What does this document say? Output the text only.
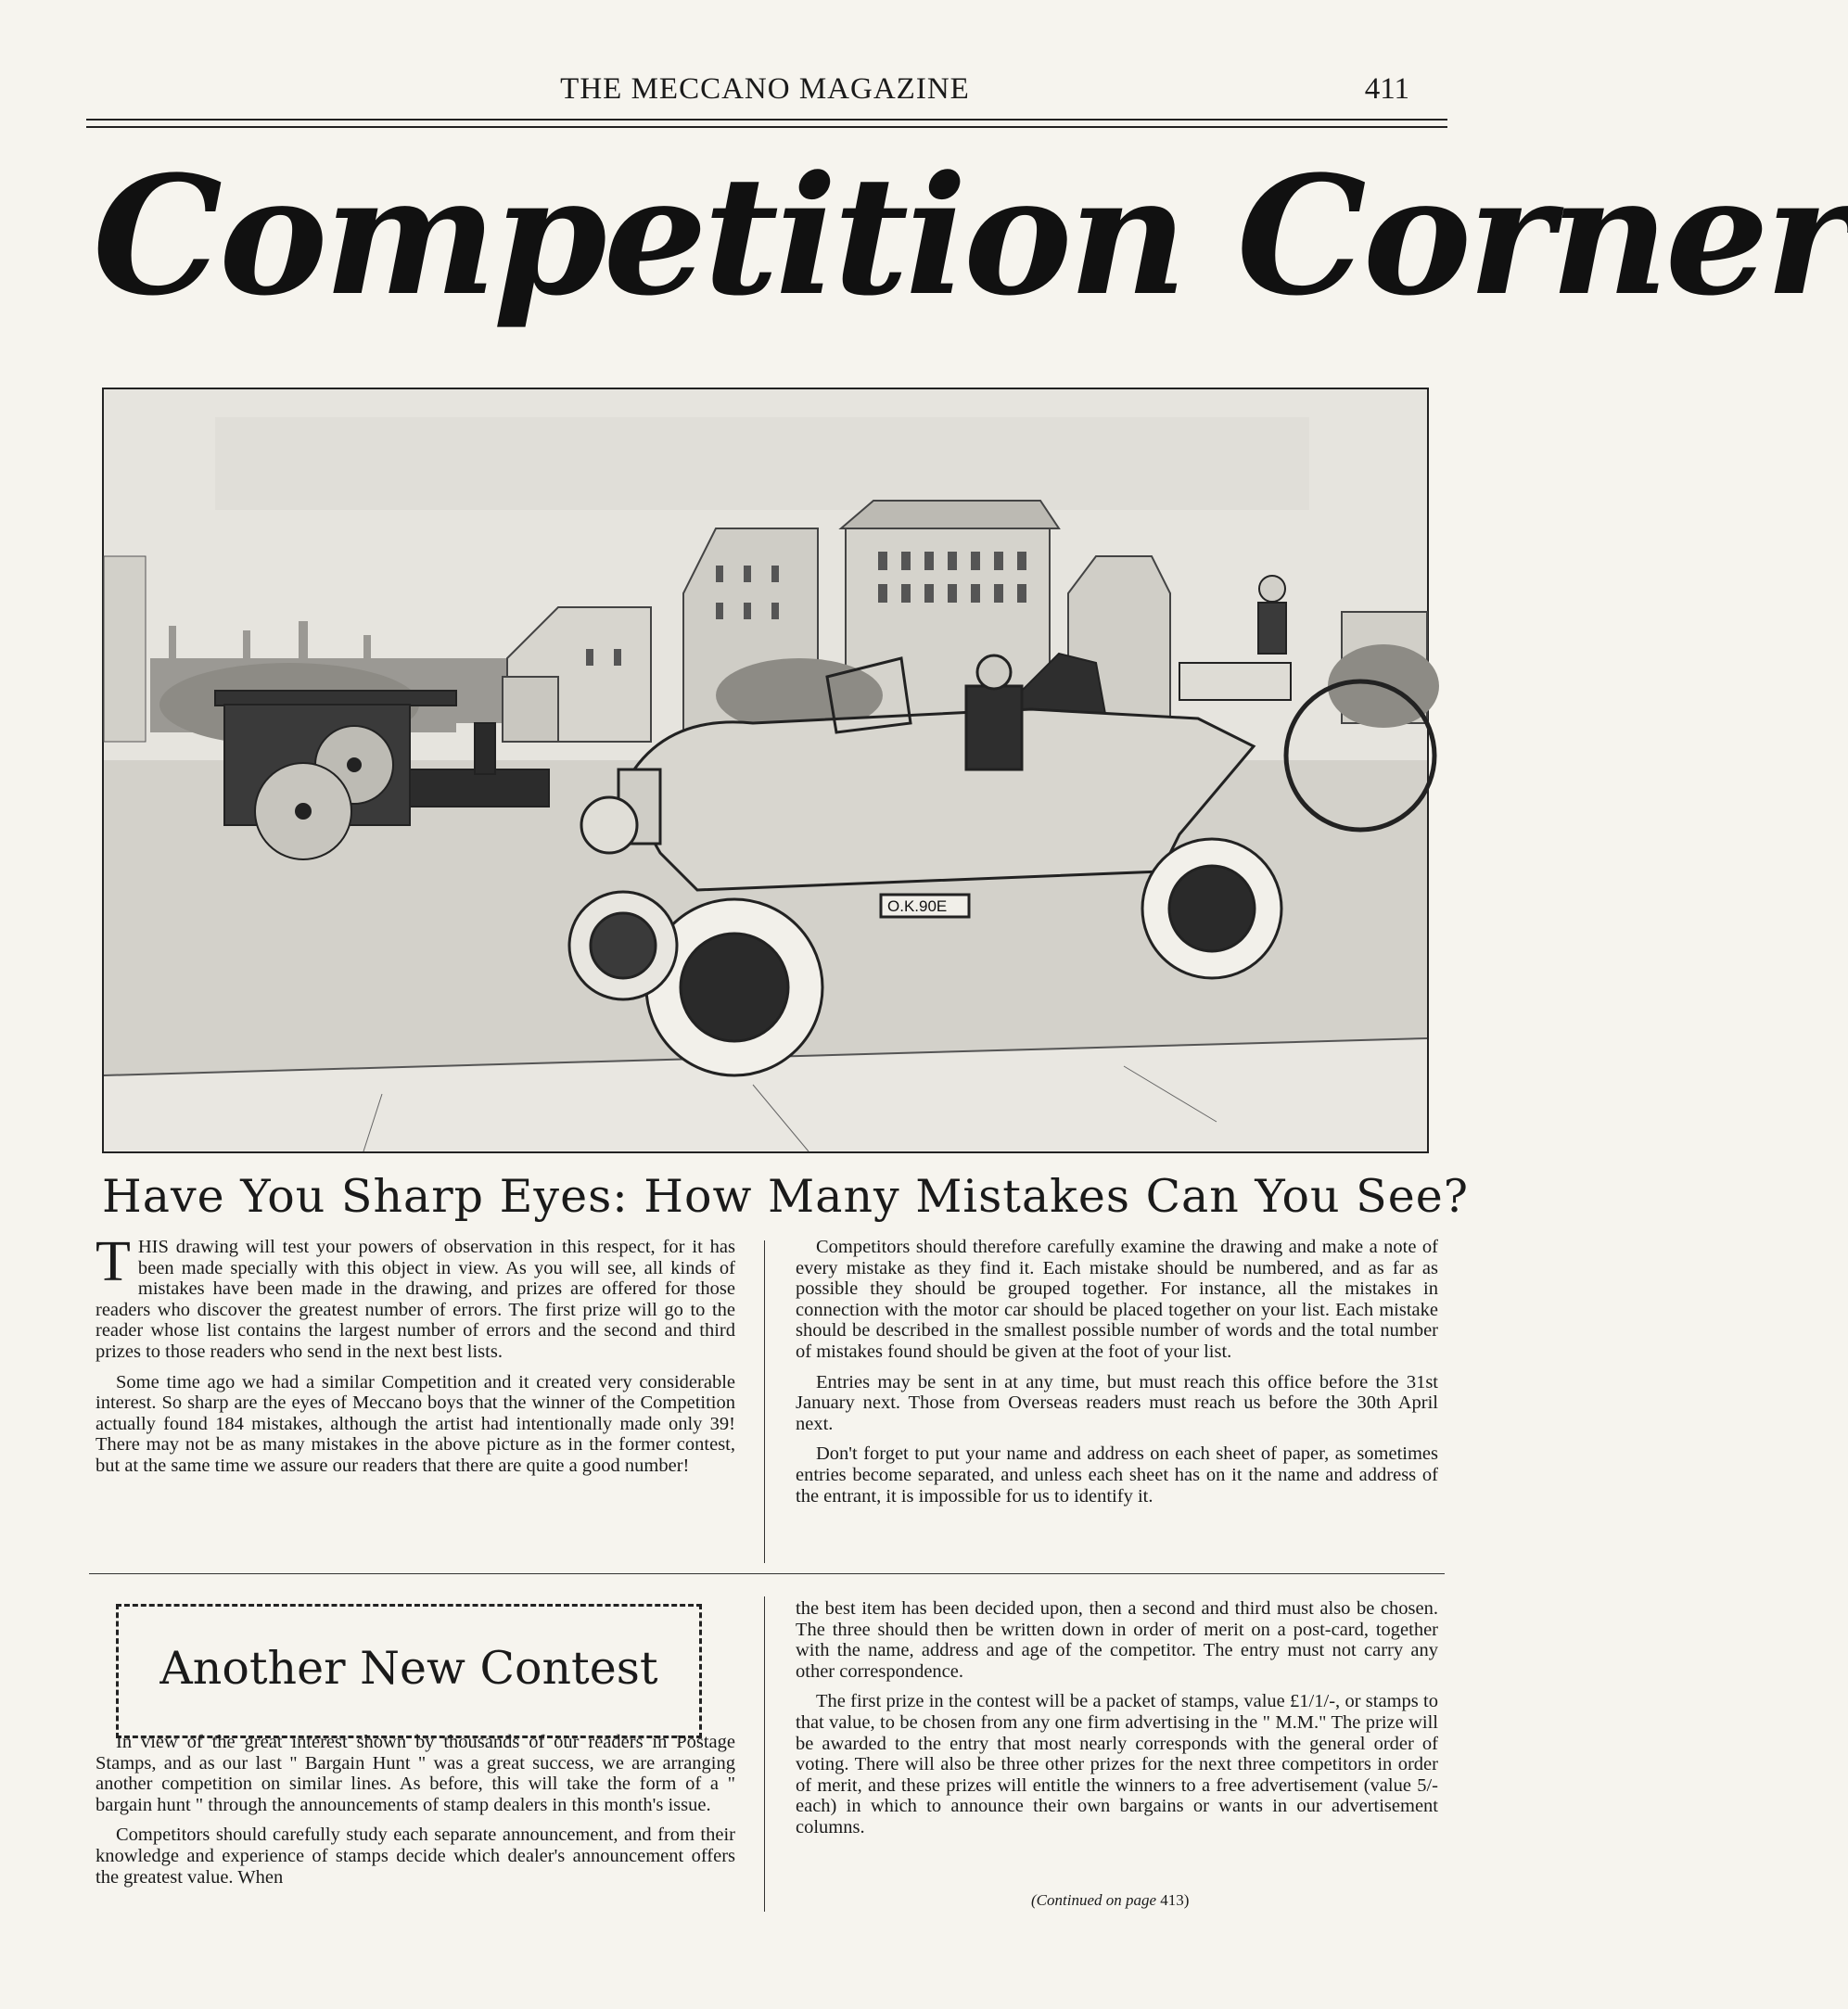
THE MECCANO MAGAZINE	411
Competition Corner
O.K.90E
Have You Sharp Eyes: How Many Mistakes Can You See?

THIS drawing will test your powers of observation in this respect, for it has been made specially with this object in view. As you will see, all kinds of mistakes have been made in the drawing, and prizes are offered for those readers who discover the greatest number of errors. The first prize will go to the reader whose list contains the largest number of errors and the second and third prizes to those readers who send in the next best lists.

Some time ago we had a similar Competition and it created very considerable interest. So sharp are the eyes of Meccano boys that the winner of the Competition actually found 184 mistakes, although the artist had intentionally made only 39! There may not be as many mistakes in the above picture as in the former contest, but at the same time we assure our readers that there are quite a good number!

Competitors should therefore carefully examine the drawing and make a note of every mistake as they find it. Each mistake should be numbered, and as far as possible they should be grouped together. For instance, all the mistakes in connection with the motor car should be placed together on your list. Each mistake should be described in the smallest possible number of words and the total number of mistakes found should be given at the foot of your list.

Entries may be sent in at any time, but must reach this office before the 31st January next. Those from Overseas readers must reach us before the 30th April next.

Don't forget to put your name and address on each sheet of paper, as sometimes entries become separated, and unless each sheet has on it the name and address of the entrant, it is impossible for us to identify it.

Another New Contest

In view of the great interest shown by thousands of our readers in Postage Stamps, and as our last " Bargain Hunt " was a great success, we are arranging another competition on similar lines. As before, this will take the form of a " bargain hunt " through the announcements of stamp dealers in this month's issue.

Competitors should carefully study each separate announcement, and from their knowledge and experience of stamps decide which dealer's announcement offers the greatest value. When

the best item has been decided upon, then a second and third must also be chosen. The three should then be written down in order of merit on a post-card, together with the name, address and age of the competitor. The entry must not carry any other correspondence.

The first prize in the contest will be a packet of stamps, value £1/1/-, or stamps to that value, to be chosen from any one firm advertising in the " M.M." The prize will be awarded to the entry that most nearly corresponds with the general order of voting. There will also be three other prizes for the next three competitors in order of merit, and these prizes will entitle the winners to a free advertisement (value 5/- each) in which to announce their own bargains or wants in our advertisement columns.

(Continued on page 413)
